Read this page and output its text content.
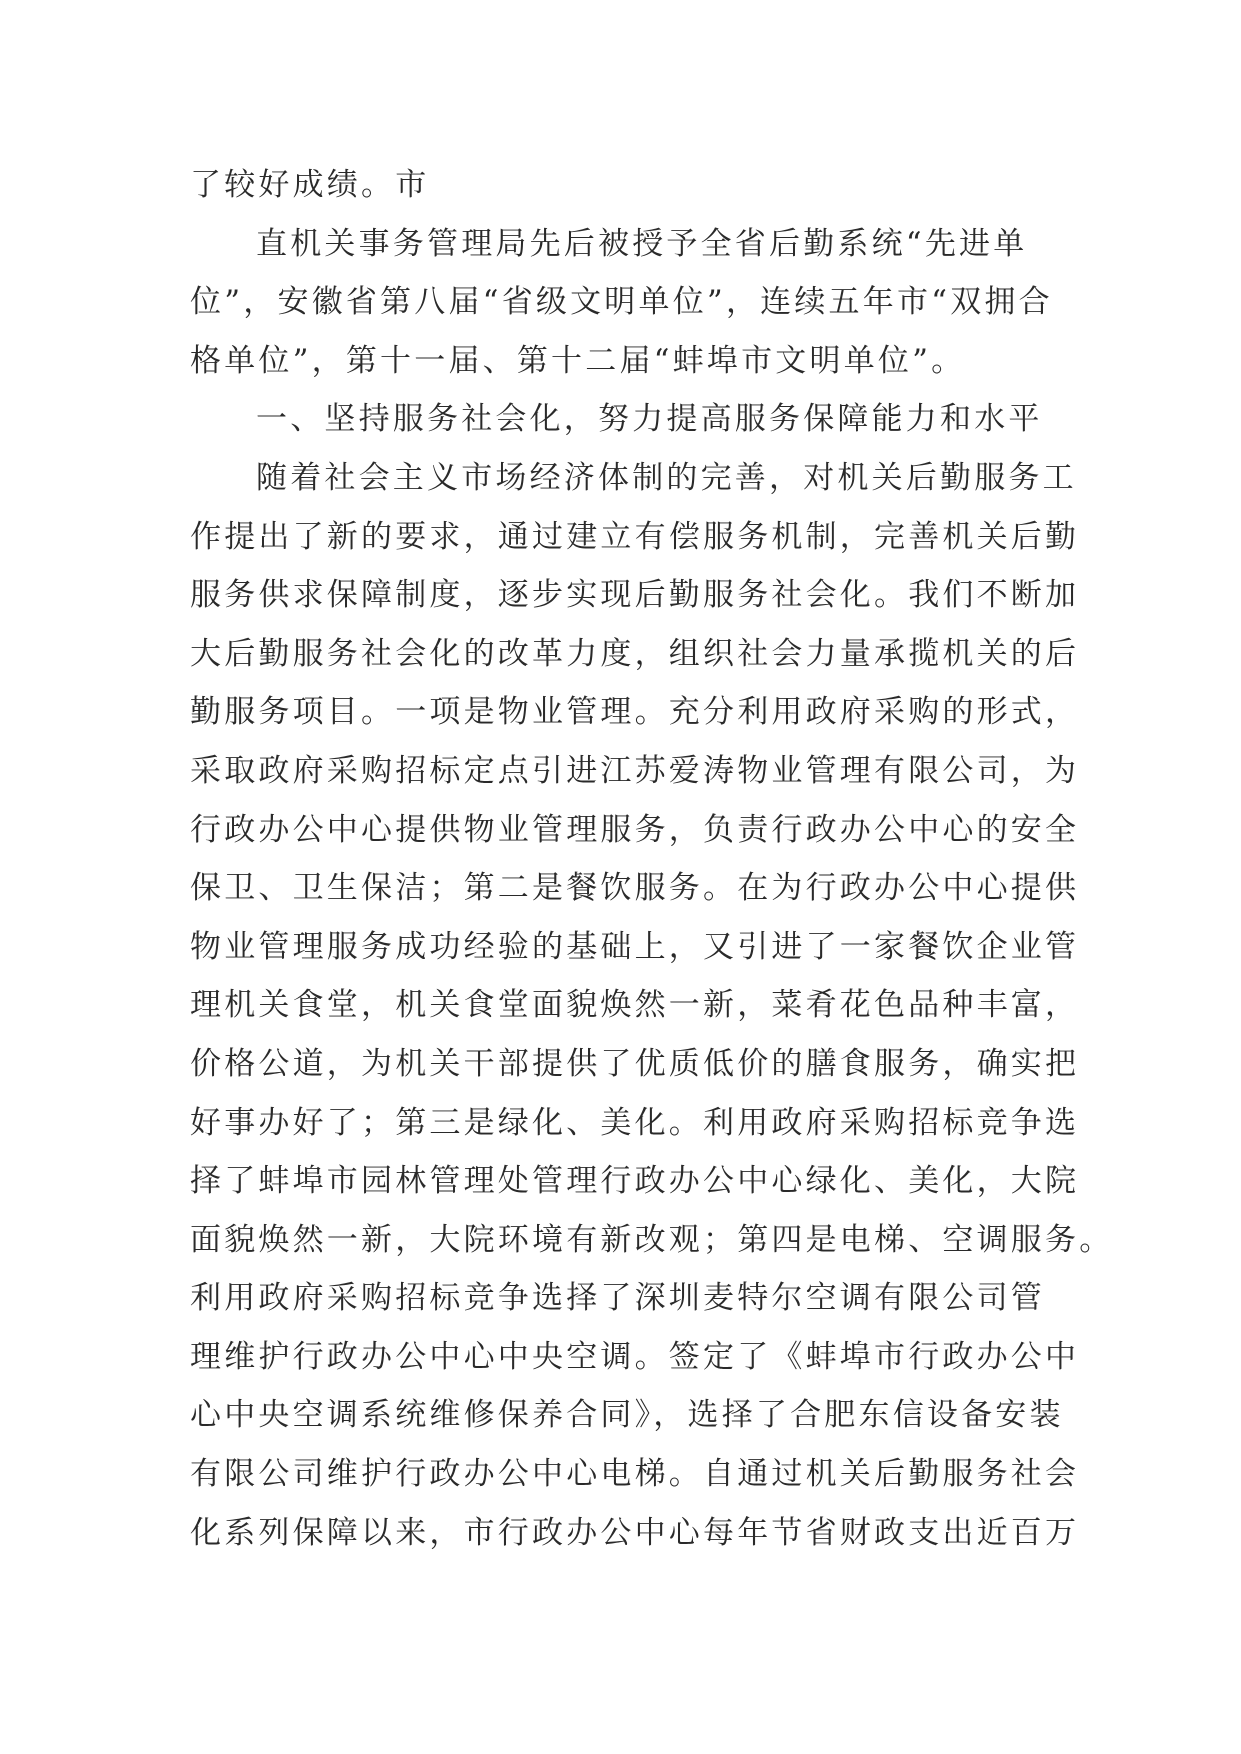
了较好成绩。市
直机关事务管理局先后被授予全省后勤系统“先进单
位”，安徽省第八届“省级文明单位”，连续五年市“双拥合
格单位”，第十一届、第十二届“蚌埠市文明单位”。
一、坚持服务社会化，努力提高服务保障能力和水平
随着社会主义市场经济体制的完善，对机关后勤服务工
作提出了新的要求，通过建立有偿服务机制，完善机关后勤
服务供求保障制度，逐步实现后勤服务社会化。我们不断加
大后勤服务社会化的改革力度，组织社会力量承揽机关的后
勤服务项目。一项是物业管理。充分利用政府采购的形式，
采取政府采购招标定点引进江苏爱涛物业管理有限公司，为
行政办公中心提供物业管理服务，负责行政办公中心的安全
保卫、卫生保洁；第二是餐饮服务。在为行政办公中心提供
物业管理服务成功经验的基础上，又引进了一家餐饮企业管
理机关食堂，机关食堂面貌焕然一新，菜肴花色品种丰富，
价格公道，为机关干部提供了优质低价的膳食服务，确实把
好事办好了；第三是绿化、美化。利用政府采购招标竞争选
择了蚌埠市园林管理处管理行政办公中心绿化、美化，大院
面貌焕然一新，大院环境有新改观；第四是电梯、空调服务。
利用政府采购招标竞争选择了深圳麦特尔空调有限公司管
理维护行政办公中心中央空调。签定了《蚌埠市行政办公中
心中央空调系统维修保养合同》，选择了合肥东信设备安装
有限公司维护行政办公中心电梯。自通过机关后勤服务社会
化系列保障以来，市行政办公中心每年节省财政支出近百万
